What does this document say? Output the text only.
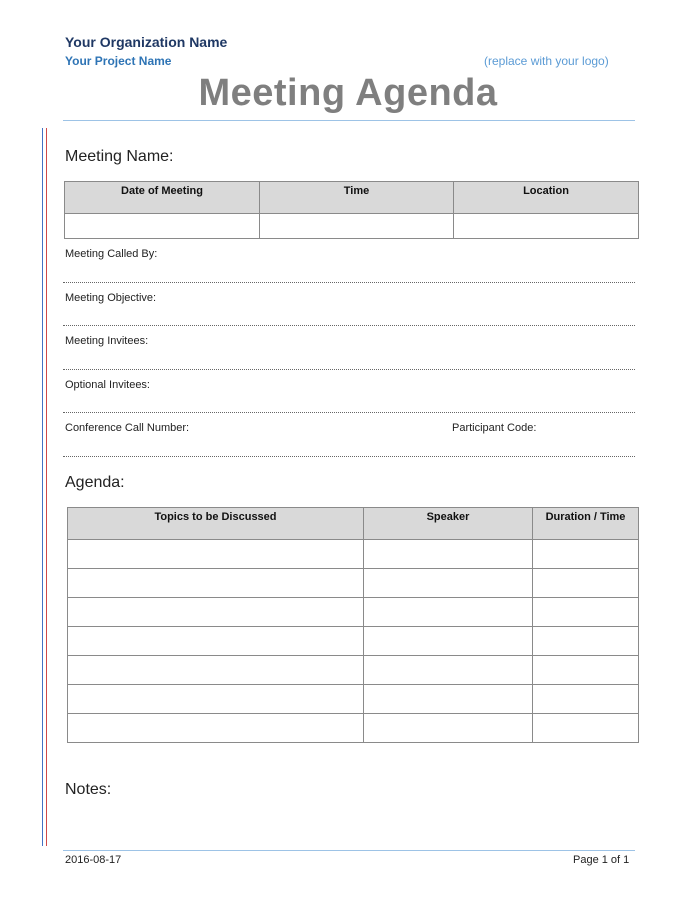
Your Organization Name
Your Project Name	(replace with your logo)
Meeting Agenda
Meeting Name:
Date of Meeting	Time	Location

Meeting Called By:
Meeting Objective:
Meeting Invitees:
Optional Invitees:
Conference Call Number:	Participant Code:
Agenda:
Topics to be Discussed	Speaker	Duration / Time

Notes:
2016-08-17	Page 1 of 1
